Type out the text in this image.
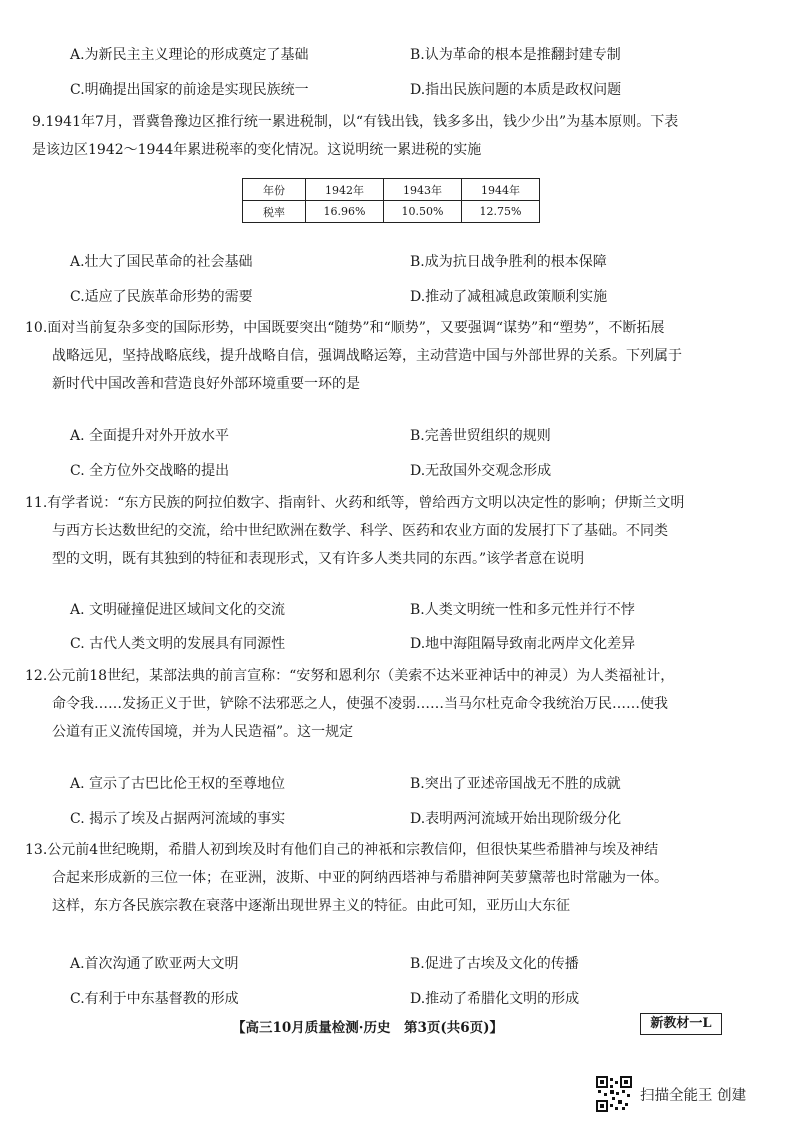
A.为新民主主义理论的形成奠定了基础	B.认为革命的根本是推翻封建专制
C.明确提出国家的前途是实现民族统一	D.指出民族问题的本质是政权问题
9.1941年7月，晋冀鲁豫边区推行统一累进税制，以“有钱出钱，钱多多出，钱少少出”为基本原则。下表
是该边区1942～1944年累进税率的变化情况。这说明统一累进税的实施
年份	1942年	1943年	1944年
税率	16.96%	10.50%	12.75%
A.壮大了国民革命的社会基础	B.成为抗日战争胜利的根本保障
C.适应了民族革命形势的需要	D.推动了减租减息政策顺利实施
10.面对当前复杂多变的国际形势，中国既要突出“随势”和“顺势”，又要强调“谋势”和“塑势”，不断拓展
战略远见，坚持战略底线，提升战略自信，强调战略运筹，主动营造中国与外部世界的关系。下列属于
新时代中国改善和营造良好外部环境重要一环的是
A. 全面提升对外开放水平	B.完善世贸组织的规则
C. 全方位外交战略的提出	D.无敌国外交观念形成
11.有学者说：“东方民族的阿拉伯数字、指南针、火药和纸等，曾给西方文明以决定性的影响；伊斯兰文明
与西方长达数世纪的交流，给中世纪欧洲在数学、科学、医药和农业方面的发展打下了基础。不同类
型的文明，既有其独到的特征和表现形式，又有许多人类共同的东西。”该学者意在说明
A. 文明碰撞促进区域间文化的交流	B.人类文明统一性和多元性并行不悖
C. 古代人类文明的发展具有同源性	D.地中海阻隔导致南北两岸文化差异
12.公元前18世纪，某部法典的前言宣称：“安努和恩利尔（美索不达米亚神话中的神灵）为人类福祉计，
命令我……发扬正义于世，铲除不法邪恶之人，使强不凌弱……当马尔杜克命令我统治万民……使我
公道有正义流传国境，并为人民造福”。这一规定
A. 宣示了古巴比伦王权的至尊地位	B.突出了亚述帝国战无不胜的成就
C. 揭示了埃及占据两河流域的事实	D.表明两河流域开始出现阶级分化
13.公元前4世纪晚期，希腊人初到埃及时有他们自己的神祇和宗教信仰，但很快某些希腊神与埃及神结
合起来形成新的三位一体；在亚洲，波斯、中亚的阿纳西塔神与希腊神阿芙萝黛蒂也时常融为一体。
这样，东方各民族宗教在衰落中逐渐出现世界主义的特征。由此可知，亚历山大东征
A.首次沟通了欧亚两大文明	B.促进了古埃及文化的传播
C.有利于中东基督教的形成	D.推动了希腊化文明的形成
【高三10月质量检测·历史　第3页(共6页)】	新教材一L
扫描全能王 创建
